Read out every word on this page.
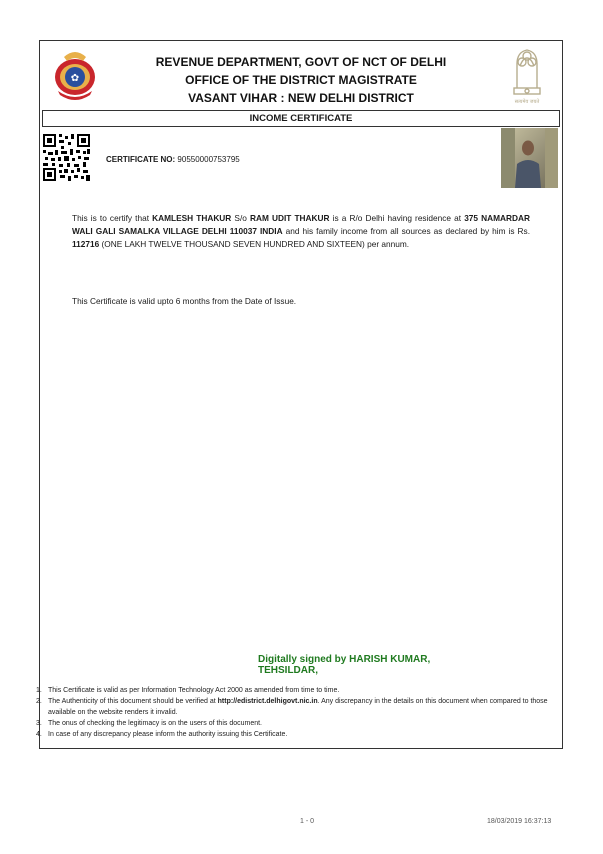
✿
REVENUE DEPARTMENT, GOVT OF NCT OF DELHI
OFFICE OF THE DISTRICT MAGISTRATE
VASANT VIHAR : NEW DELHI DISTRICT	सत्यमेव जयते
INCOME CERTIFICATE
CERTIFICATE NO: 90550000753795
This is to certify that KAMLESH THAKUR S/o RAM UDIT THAKUR is a R/o Delhi having residence at 375 NAMARDAR WALI GALI SAMALKA VILLAGE DELHI 110037 INDIA and his family income from all sources as declared by him is Rs. 112716 (ONE LAKH TWELVE THOUSAND SEVEN HUNDRED AND SIXTEEN) per annum.
This Certificate is valid upto 6 months from the Date of Issue.
Digitally signed by HARISH KUMAR,
TEHSILDAR,
1. This Certificate is valid as per Information Technology Act 2000 as amended from time to time.
2. The Authenticity of this document should be verified at http://edistrict.delhigovt.nic.in. Any discrepancy in the details on this document when compared to those available on the website renders it invalid.
3. The onus of checking the legitimacy is on the users of this document.
4. In case of any discrepancy please inform the authority issuing this Certificate.
1 - 0	18/03/2019 16:37:13
